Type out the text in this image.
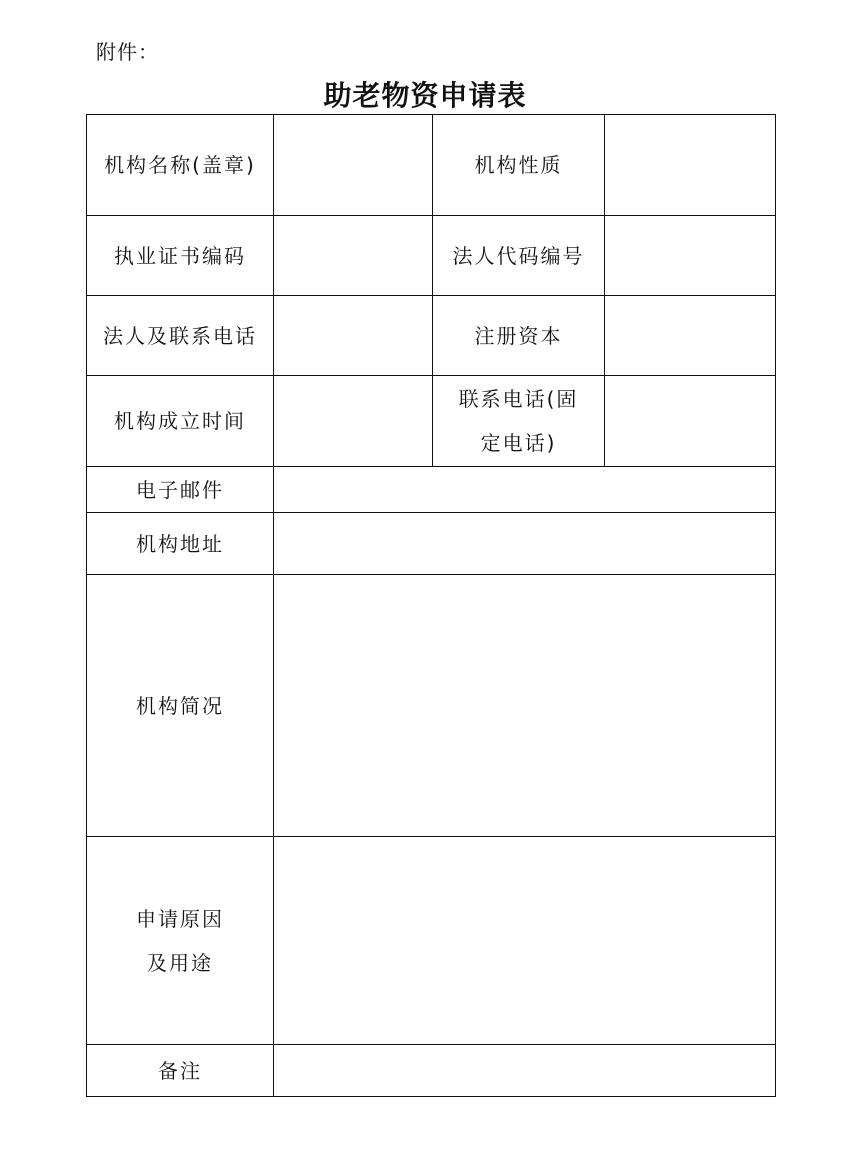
附件：
助老物资申请表
机构名称(盖章)		机构性质	

执业证书编码		法人代码编号	

法人及联系电话		注册资本	

机构成立时间		联系电话(固
定电话)	

电子邮件			

机构地址			

机构简况			

申请原因
及用途			

备注			
